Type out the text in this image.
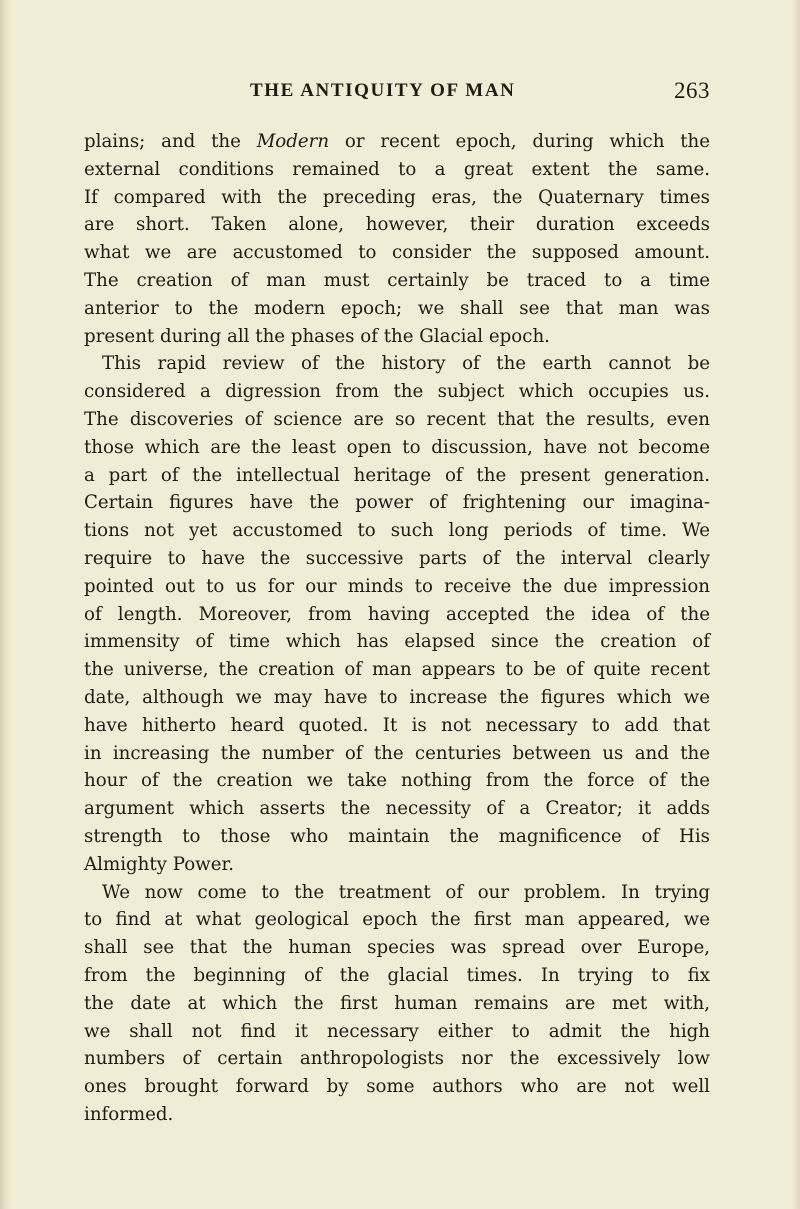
THE ANTIQUITY OF MAN	263
plains; and the Modern or recent epoch, during which the
external conditions remained to a great extent the same.
If compared with the preceding eras, the Quaternary times
are short. Taken alone, however, their duration exceeds
what we are accustomed to consider the supposed amount.
The creation of man must certainly be traced to a time
anterior to the modern epoch; we shall see that man was
present during all the phases of the Glacial epoch.
This rapid review of the history of the earth cannot be
considered a digression from the subject which occupies us.
The discoveries of science are so recent that the results, even
those which are the least open to discussion, have not become
a part of the intellectual heritage of the present generation.
Certain figures have the power of frightening our imagina-
tions not yet accustomed to such long periods of time. We
require to have the successive parts of the interval clearly
pointed out to us for our minds to receive the due impression
of length. Moreover, from having accepted the idea of the
immensity of time which has elapsed since the creation of
the universe, the creation of man appears to be of quite recent
date, although we may have to increase the figures which we
have hitherto heard quoted. It is not necessary to add that
in increasing the number of the centuries between us and the
hour of the creation we take nothing from the force of the
argument which asserts the necessity of a Creator; it adds
strength to those who maintain the magnificence of His
Almighty Power.
We now come to the treatment of our problem. In trying
to find at what geological epoch the first man appeared, we
shall see that the human species was spread over Europe,
from the beginning of the glacial times. In trying to fix
the date at which the first human remains are met with,
we shall not find it necessary either to admit the high
numbers of certain anthropologists nor the excessively low
ones brought forward by some authors who are not well
informed.
